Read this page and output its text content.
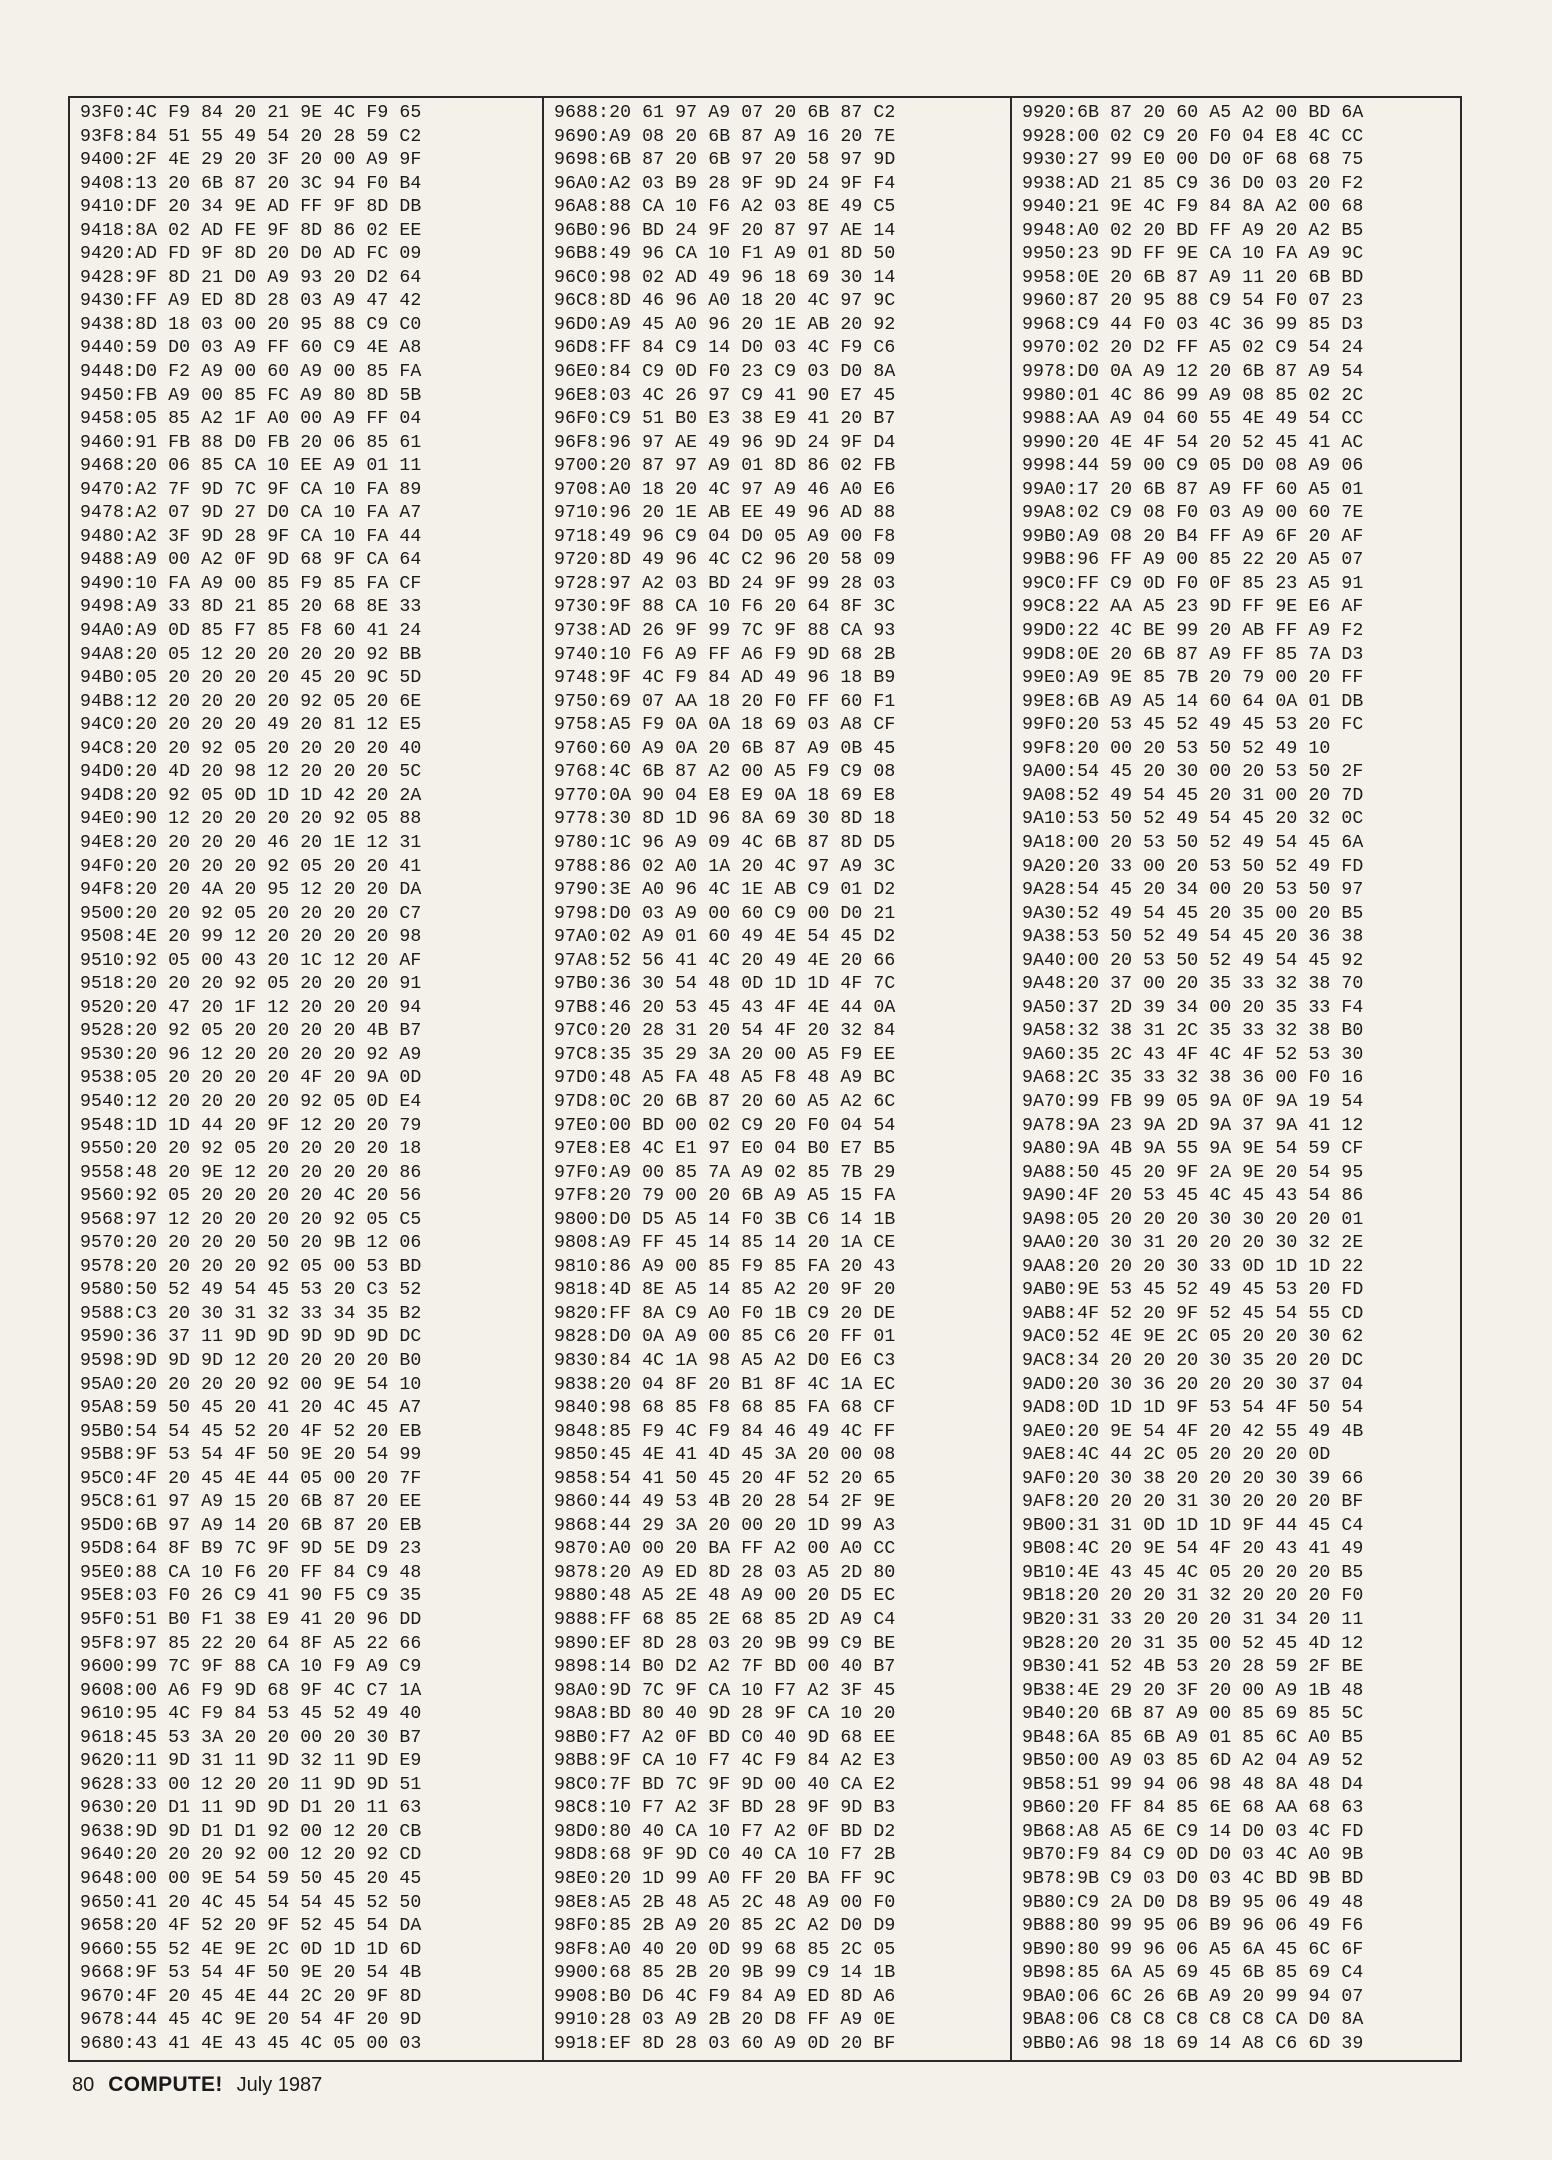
93F0:4C F9 84 20 21 9E 4C F9 65
93F8:84 51 55 49 54 20 28 59 C2
9400:2F 4E 29 20 3F 20 00 A9 9F
9408:13 20 6B 87 20 3C 94 F0 B4
9410:DF 20 34 9E AD FF 9F 8D DB
9418:8A 02 AD FE 9F 8D 86 02 EE
9420:AD FD 9F 8D 20 D0 AD FC 09
9428:9F 8D 21 D0 A9 93 20 D2 64
9430:FF A9 ED 8D 28 03 A9 47 42
9438:8D 18 03 00 20 95 88 C9 C0
9440:59 D0 03 A9 FF 60 C9 4E A8
9448:D0 F2 A9 00 60 A9 00 85 FA
9450:FB A9 00 85 FC A9 80 8D 5B
9458:05 85 A2 1F A0 00 A9 FF 04
9460:91 FB 88 D0 FB 20 06 85 61
9468:20 06 85 CA 10 EE A9 01 11
9470:A2 7F 9D 7C 9F CA 10 FA 89
9478:A2 07 9D 27 D0 CA 10 FA A7
9480:A2 3F 9D 28 9F CA 10 FA 44
9488:A9 00 A2 0F 9D 68 9F CA 64
9490:10 FA A9 00 85 F9 85 FA CF
9498:A9 33 8D 21 85 20 68 8E 33
94A0:A9 0D 85 F7 85 F8 60 41 24
94A8:20 05 12 20 20 20 20 92 BB
94B0:05 20 20 20 20 45 20 9C 5D
94B8:12 20 20 20 20 92 05 20 6E
94C0:20 20 20 20 49 20 81 12 E5
94C8:20 20 92 05 20 20 20 20 40
94D0:20 4D 20 98 12 20 20 20 5C
94D8:20 92 05 0D 1D 1D 42 20 2A
94E0:90 12 20 20 20 20 92 05 88
94E8:20 20 20 20 46 20 1E 12 31
94F0:20 20 20 20 92 05 20 20 41
94F8:20 20 4A 20 95 12 20 20 DA
9500:20 20 92 05 20 20 20 20 C7
9508:4E 20 99 12 20 20 20 20 98
9510:92 05 00 43 20 1C 12 20 AF
9518:20 20 20 92 05 20 20 20 91
9520:20 47 20 1F 12 20 20 20 94
9528:20 92 05 20 20 20 20 4B B7
9530:20 96 12 20 20 20 20 92 A9
9538:05 20 20 20 20 4F 20 9A 0D
9540:12 20 20 20 20 92 05 0D E4
9548:1D 1D 44 20 9F 12 20 20 79
9550:20 20 92 05 20 20 20 20 18
9558:48 20 9E 12 20 20 20 20 86
9560:92 05 20 20 20 20 4C 20 56
9568:97 12 20 20 20 20 92 05 C5
9570:20 20 20 20 50 20 9B 12 06
9578:20 20 20 20 92 05 00 53 BD
9580:50 52 49 54 45 53 20 C3 52
9588:C3 20 30 31 32 33 34 35 B2
9590:36 37 11 9D 9D 9D 9D 9D DC
9598:9D 9D 9D 12 20 20 20 20 B0
95A0:20 20 20 20 92 00 9E 54 10
95A8:59 50 45 20 41 20 4C 45 A7
95B0:54 54 45 52 20 4F 52 20 EB
95B8:9F 53 54 4F 50 9E 20 54 99
95C0:4F 20 45 4E 44 05 00 20 7F
95C8:61 97 A9 15 20 6B 87 20 EE
95D0:6B 97 A9 14 20 6B 87 20 EB
95D8:64 8F B9 7C 9F 9D 5E D9 23
95E0:88 CA 10 F6 20 FF 84 C9 48
95E8:03 F0 26 C9 41 90 F5 C9 35
95F0:51 B0 F1 38 E9 41 20 96 DD
95F8:97 85 22 20 64 8F A5 22 66
9600:99 7C 9F 88 CA 10 F9 A9 C9
9608:00 A6 F9 9D 68 9F 4C C7 1A
9610:95 4C F9 84 53 45 52 49 40
9618:45 53 3A 20 20 00 20 30 B7
9620:11 9D 31 11 9D 32 11 9D E9
9628:33 00 12 20 20 11 9D 9D 51
9630:20 D1 11 9D 9D D1 20 11 63
9638:9D 9D D1 D1 92 00 12 20 CB
9640:20 20 20 92 00 12 20 92 CD
9648:00 00 9E 54 59 50 45 20 45
9650:41 20 4C 45 54 54 45 52 50
9658:20 4F 52 20 9F 52 45 54 DA
9660:55 52 4E 9E 2C 0D 1D 1D 6D
9668:9F 53 54 4F 50 9E 20 54 4B
9670:4F 20 45 4E 44 2C 20 9F 8D
9678:44 45 4C 9E 20 54 4F 20 9D
9680:43 41 4E 43 45 4C 05 00 03
9688:20 61 97 A9 07 20 6B 87 C2
9690:A9 08 20 6B 87 A9 16 20 7E
9698:6B 87 20 6B 97 20 58 97 9D
96A0:A2 03 B9 28 9F 9D 24 9F F4
96A8:88 CA 10 F6 A2 03 8E 49 C5
96B0:96 BD 24 9F 20 87 97 AE 14
96B8:49 96 CA 10 F1 A9 01 8D 50
96C0:98 02 AD 49 96 18 69 30 14
96C8:8D 46 96 A0 18 20 4C 97 9C
96D0:A9 45 A0 96 20 1E AB 20 92
96D8:FF 84 C9 14 D0 03 4C F9 C6
96E0:84 C9 0D F0 23 C9 03 D0 8A
96E8:03 4C 26 97 C9 41 90 E7 45
96F0:C9 51 B0 E3 38 E9 41 20 B7
96F8:96 97 AE 49 96 9D 24 9F D4
9700:20 87 97 A9 01 8D 86 02 FB
9708:A0 18 20 4C 97 A9 46 A0 E6
9710:96 20 1E AB EE 49 96 AD 88
9718:49 96 C9 04 D0 05 A9 00 F8
9720:8D 49 96 4C C2 96 20 58 09
9728:97 A2 03 BD 24 9F 99 28 03
9730:9F 88 CA 10 F6 20 64 8F 3C
9738:AD 26 9F 99 7C 9F 88 CA 93
9740:10 F6 A9 FF A6 F9 9D 68 2B
9748:9F 4C F9 84 AD 49 96 18 B9
9750:69 07 AA 18 20 F0 FF 60 F1
9758:A5 F9 0A 0A 18 69 03 A8 CF
9760:60 A9 0A 20 6B 87 A9 0B 45
9768:4C 6B 87 A2 00 A5 F9 C9 08
9770:0A 90 04 E8 E9 0A 18 69 E8
9778:30 8D 1D 96 8A 69 30 8D 18
9780:1C 96 A9 09 4C 6B 87 8D D5
9788:86 02 A0 1A 20 4C 97 A9 3C
9790:3E A0 96 4C 1E AB C9 01 D2
9798:D0 03 A9 00 60 C9 00 D0 21
97A0:02 A9 01 60 49 4E 54 45 D2
97A8:52 56 41 4C 20 49 4E 20 66
97B0:36 30 54 48 0D 1D 1D 4F 7C
97B8:46 20 53 45 43 4F 4E 44 0A
97C0:20 28 31 20 54 4F 20 32 84
97C8:35 35 29 3A 20 00 A5 F9 EE
97D0:48 A5 FA 48 A5 F8 48 A9 BC
97D8:0C 20 6B 87 20 60 A5 A2 6C
97E0:00 BD 00 02 C9 20 F0 04 54
97E8:E8 4C E1 97 E0 04 B0 E7 B5
97F0:A9 00 85 7A A9 02 85 7B 29
97F8:20 79 00 20 6B A9 A5 15 FA
9800:D0 D5 A5 14 F0 3B C6 14 1B
9808:A9 FF 45 14 85 14 20 1A CE
9810:86 A9 00 85 F9 85 FA 20 43
9818:4D 8E A5 14 85 A2 20 9F 20
9820:FF 8A C9 A0 F0 1B C9 20 DE
9828:D0 0A A9 00 85 C6 20 FF 01
9830:84 4C 1A 98 A5 A2 D0 E6 C3
9838:20 04 8F 20 B1 8F 4C 1A EC
9840:98 68 85 F8 68 85 FA 68 CF
9848:85 F9 4C F9 84 46 49 4C FF
9850:45 4E 41 4D 45 3A 20 00 08
9858:54 41 50 45 20 4F 52 20 65
9860:44 49 53 4B 20 28 54 2F 9E
9868:44 29 3A 20 00 20 1D 99 A3
9870:A0 00 20 BA FF A2 00 A0 CC
9878:20 A9 ED 8D 28 03 A5 2D 80
9880:48 A5 2E 48 A9 00 20 D5 EC
9888:FF 68 85 2E 68 85 2D A9 C4
9890:EF 8D 28 03 20 9B 99 C9 BE
9898:14 B0 D2 A2 7F BD 00 40 B7
98A0:9D 7C 9F CA 10 F7 A2 3F 45
98A8:BD 80 40 9D 28 9F CA 10 20
98B0:F7 A2 0F BD C0 40 9D 68 EE
98B8:9F CA 10 F7 4C F9 84 A2 E3
98C0:7F BD 7C 9F 9D 00 40 CA E2
98C8:10 F7 A2 3F BD 28 9F 9D B3
98D0:80 40 CA 10 F7 A2 0F BD D2
98D8:68 9F 9D C0 40 CA 10 F7 2B
98E0:20 1D 99 A0 FF 20 BA FF 9C
98E8:A5 2B 48 A5 2C 48 A9 00 F0
98F0:85 2B A9 20 85 2C A2 D0 D9
98F8:A0 40 20 0D 99 68 85 2C 05
9900:68 85 2B 20 9B 99 C9 14 1B
9908:B0 D6 4C F9 84 A9 ED 8D A6
9910:28 03 A9 2B 20 D8 FF A9 0E
9918:EF 8D 28 03 60 A9 0D 20 BF
9920:6B 87 20 60 A5 A2 00 BD 6A
9928:00 02 C9 20 F0 04 E8 4C CC
9930:27 99 E0 00 D0 0F 68 68 75
9938:AD 21 85 C9 36 D0 03 20 F2
9940:21 9E 4C F9 84 8A A2 00 68
9948:A0 02 20 BD FF A9 20 A2 B5
9950:23 9D FF 9E CA 10 FA A9 9C
9958:0E 20 6B 87 A9 11 20 6B BD
9960:87 20 95 88 C9 54 F0 07 23
9968:C9 44 F0 03 4C 36 99 85 D3
9970:02 20 D2 FF A5 02 C9 54 24
9978:D0 0A A9 12 20 6B 87 A9 54
9980:01 4C 86 99 A9 08 85 02 2C
9988:AA A9 04 60 55 4E 49 54 CC
9990:20 4E 4F 54 20 52 45 41 AC
9998:44 59 00 C9 05 D0 08 A9 06
99A0:17 20 6B 87 A9 FF 60 A5 01
99A8:02 C9 08 F0 03 A9 00 60 7E
99B0:A9 08 20 B4 FF A9 6F 20 AF
99B8:96 FF A9 00 85 22 20 A5 07
99C0:FF C9 0D F0 0F 85 23 A5 91
99C8:22 AA A5 23 9D FF 9E E6 AF
99D0:22 4C BE 99 20 AB FF A9 F2
99D8:0E 20 6B 87 A9 FF 85 7A D3
99E0:A9 9E 85 7B 20 79 00 20 FF
99E8:6B A9 A5 14 60 64 0A 01 DB
99F0:20 53 45 52 49 45 53 20 FC
99F8:20 00 20 53 50 52 49 10
9A00:54 45 20 30 00 20 53 50 2F
9A08:52 49 54 45 20 31 00 20 7D
9A10:53 50 52 49 54 45 20 32 0C
9A18:00 20 53 50 52 49 54 45 6A
9A20:20 33 00 20 53 50 52 49 FD
9A28:54 45 20 34 00 20 53 50 97
9A30:52 49 54 45 20 35 00 20 B5
9A38:53 50 52 49 54 45 20 36 38
9A40:00 20 53 50 52 49 54 45 92
9A48:20 37 00 20 35 33 32 38 70
9A50:37 2D 39 34 00 20 35 33 F4
9A58:32 38 31 2C 35 33 32 38 B0
9A60:35 2C 43 4F 4C 4F 52 53 30
9A68:2C 35 33 32 38 36 00 F0 16
9A70:99 FB 99 05 9A 0F 9A 19 54
9A78:9A 23 9A 2D 9A 37 9A 41 12
9A80:9A 4B 9A 55 9A 9E 54 59 CF
9A88:50 45 20 9F 2A 9E 20 54 95
9A90:4F 20 53 45 4C 45 43 54 86
9A98:05 20 20 20 30 30 20 20 01
9AA0:20 30 31 20 20 20 30 32 2E
9AA8:20 20 20 30 33 0D 1D 1D 22
9AB0:9E 53 45 52 49 45 53 20 FD
9AB8:4F 52 20 9F 52 45 54 55 CD
9AC0:52 4E 9E 2C 05 20 20 30 62
9AC8:34 20 20 20 30 35 20 20 DC
9AD0:20 30 36 20 20 20 30 37 04
9AD8:0D 1D 1D 9F 53 54 4F 50 54
9AE0:20 9E 54 4F 20 42 55 49 4B
9AE8:4C 44 2C 05 20 20 20 0D
9AF0:20 30 38 20 20 20 30 39 66
9AF8:20 20 20 31 30 20 20 20 BF
9B00:31 31 0D 1D 1D 9F 44 45 C4
9B08:4C 20 9E 54 4F 20 43 41 49
9B10:4E 43 45 4C 05 20 20 20 B5
9B18:20 20 20 31 32 20 20 20 F0
9B20:31 33 20 20 20 31 34 20 11
9B28:20 20 31 35 00 52 45 4D 12
9B30:41 52 4B 53 20 28 59 2F BE
9B38:4E 29 20 3F 20 00 A9 1B 48
9B40:20 6B 87 A9 00 85 69 85 5C
9B48:6A 85 6B A9 01 85 6C A0 B5
9B50:00 A9 03 85 6D A2 04 A9 52
9B58:51 99 94 06 98 48 8A 48 D4
9B60:20 FF 84 85 6E 68 AA 68 63
9B68:A8 A5 6E C9 14 D0 03 4C FD
9B70:F9 84 C9 0D D0 03 4C A0 9B
9B78:9B C9 03 D0 03 4C BD 9B BD
9B80:C9 2A D0 D8 B9 95 06 49 48
9B88:80 99 95 06 B9 96 06 49 F6
9B90:80 99 96 06 A5 6A 45 6C 6F
9B98:85 6A A5 69 45 6B 85 69 C4
9BA0:06 6C 26 6B A9 20 99 94 07
9BA8:06 C8 C8 C8 C8 C8 CA D0 8A
9BB0:A6 98 18 69 14 A8 C6 6D 39
80 COMPUTE! July 1987
